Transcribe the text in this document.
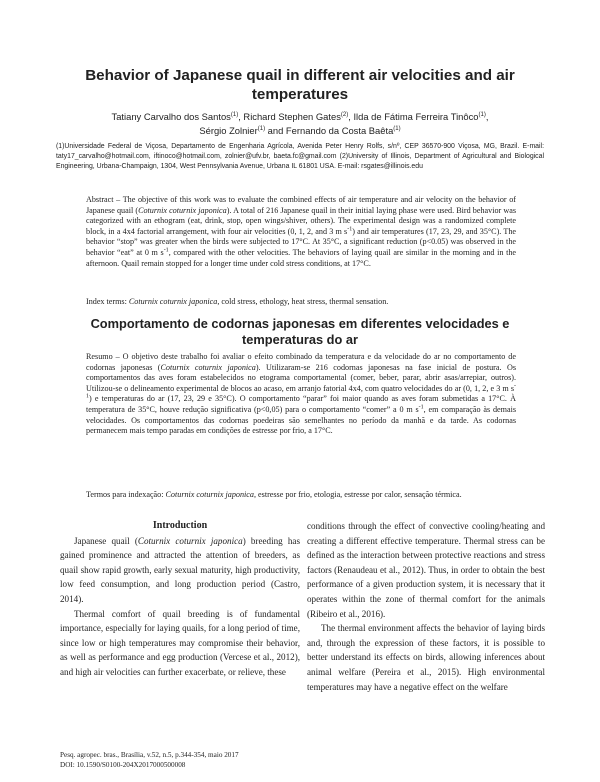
Behavior of Japanese quail in different air velocities and air temperatures
Tatiany Carvalho dos Santos$^{(1)}$, Richard Stephen Gates$^{(2)}$, Ilda de Fátima Ferreira Tinôco$^{(1)}$,
Sérgio Zolnier$^{(1)}$ and Fernando da Costa Baêta$^{(1)}$
(1)Universidade Federal de Viçosa, Departamento de Engenharia Agrícola, Avenida Peter Henry Rolfs, s/nº, CEP 36570-900 Viçosa, MG, Brazil. E-mail: taty17_carvalho@hotmail.com, iftinoco@hotmail.com, zolnier@ufv.br, baeta.fc@gmail.com (2)University of Illinois, Department of Agricultural and Biological Engineering, Urbana-Champaign, 1304, West Pennsylvania Avenue, Urbana IL 61801 USA. E-mail: rsgates@illinois.edu
Abstract – The objective of this work was to evaluate the combined effects of air temperature and air velocity on the behavior of Japanese quail (Coturnix coturnix japonica). A total of 216 Japanese quail in their initial laying phase were used. Bird behavior was categorized with an ethogram (eat, drink, stop, open wings/shiver, others). The experimental design was a randomized complete block, in a 4x4 factorial arrangement, with four air velocities (0, 1, 2, and 3 m $s^{-1}$) and air temperatures (17, 23, 29, and 35°C). The behavior “stop” was greater when the birds were subjected to 17°C. At 35°C, a significant reduction (p<0.05) was observed in the behavior “eat” at 0 m $s^{-1}$, compared with the other velocities. The behaviors of laying quail are similar in the morning and in the afternoon. Quail remain stopped for a longer time under cold stress conditions, at 17°C.
Index terms: Coturnix coturnix japonica, cold stress, ethology, heat stress, thermal sensation.
Comportamento de codornas japonesas em diferentes velocidades e temperaturas do ar
Resumo – O objetivo deste trabalho foi avaliar o efeito combinado da temperatura e da velocidade do ar no comportamento de codornas japonesas (Coturnix coturnix japonica). Utilizaram-se 216 codornas japonesas na fase inicial de postura. Os comportamentos das aves foram estabelecidos no etograma comportamental (comer, beber, parar, abrir asas/arrepiar, outros). Utilizou-se o delineamento experimental de blocos ao acaso, em arranjo fatorial 4x4, com quatro velocidades do ar (0, 1, 2, e 3 m $s^{-1}$) e temperaturas do ar (17, 23, 29 e 35°C). O comportamento “parar” foi maior quando as aves foram submetidas a 17°C. À temperatura de 35°C, houve redução significativa (p<0,05) para o comportamento “comer” a 0 m $s^{-1}$, em comparação às demais velocidades. Os comportamentos das codornas poedeiras são semelhantes no período da manhã e da tarde. As codornas permanecem mais tempo paradas em condições de estresse por frio, a 17°C.
Termos para indexação: Coturnix coturnix japonica, estresse por frio, etologia, estresse por calor, sensação térmica.

Introduction

Japanese quail (Coturnix coturnix japonica) breeding has gained prominence and attracted the attention of breeders, as quail show rapid growth, early sexual maturity, high productivity, low feed consumption, and long production period (Castro, 2014).

Thermal comfort of quail breeding is of fundamental importance, especially for laying quails, for a long period of time, since low or high temperatures may compromise their behavior, as well as performance and egg production (Vercese et al., 2012), and high air velocities can further exacerbate, or relieve, these

conditions through the effect of convective cooling/heating and creating a different effective temperature. Thermal stress can be defined as the interaction between protective reactions and stress factors (Renaudeau et al., 2012). Thus, in order to obtain the best performance of a given production system, it is necessary that it operates within the zone of thermal comfort for the animals (Ribeiro et al., 2016).

The thermal environment affects the behavior of laying birds and, through the expression of these factors, it is possible to better understand its effects on birds, allowing inferences about animal welfare (Pereira et al., 2015). High environmental temperatures may have a negative effect on the welfare

Pesq. agropec. bras., Brasília, v.52, n.5, p.344-354, maio 2017
DOI: 10.1590/S0100-204X2017000500008
